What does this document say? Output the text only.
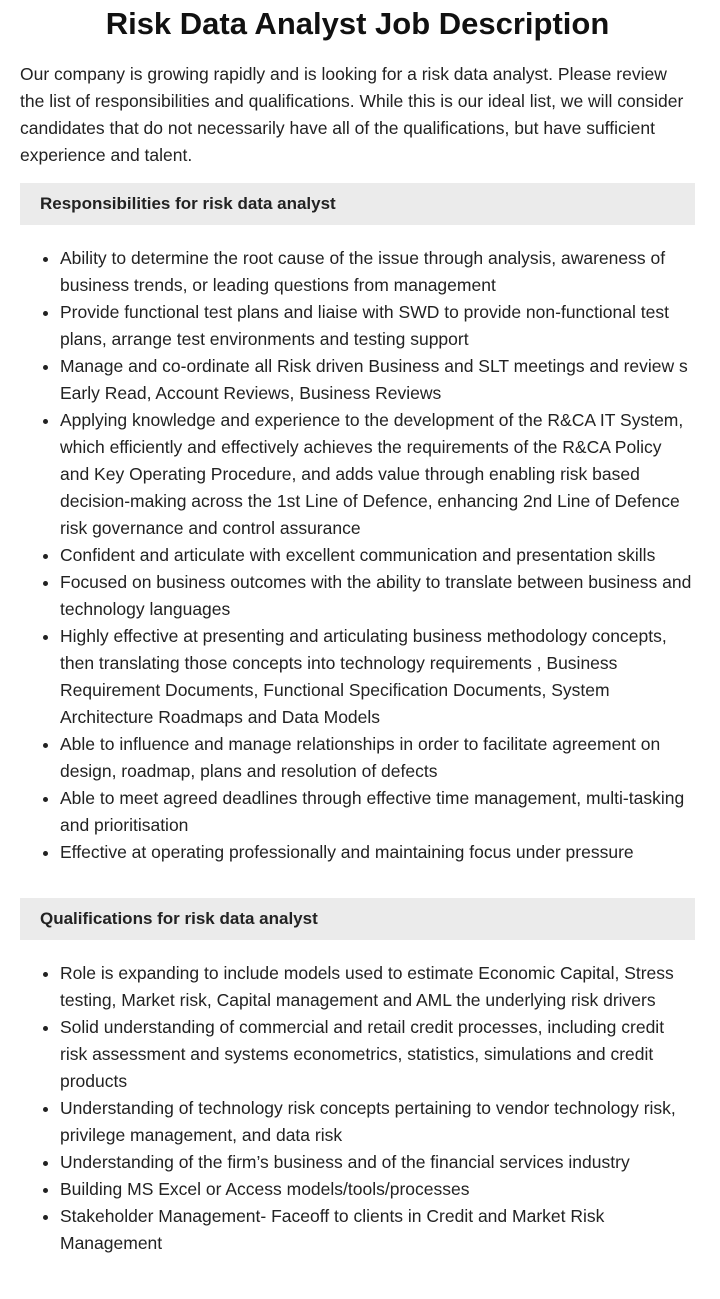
Risk Data Analyst Job Description

Our company is growing rapidly and is looking for a risk data analyst. Please review the list of responsibilities and qualifications. While this is our ideal list, we will consider candidates that do not necessarily have all of the qualifications, but have sufficient experience and talent.

Responsibilities for risk data analyst
• Ability to determine the root cause of the issue through analysis, awareness of business trends, or leading questions from management
• Provide functional test plans and liaise with SWD to provide non-functional test plans, arrange test environments and testing support
• Manage and co-ordinate all Risk driven Business and SLT meetings and review s Early Read, Account Reviews, Business Reviews
• Applying knowledge and experience to the development of the R&CA IT System, which efficiently and effectively achieves the requirements of the R&CA Policy and Key Operating Procedure, and adds value through enabling risk based decision-making across the 1st Line of Defence, enhancing 2nd Line of Defence risk governance and control assurance
• Confident and articulate with excellent communication and presentation skills
• Focused on business outcomes with the ability to translate between business and technology languages
• Highly effective at presenting and articulating business methodology concepts, then translating those concepts into technology requirements , Business Requirement Documents, Functional Specification Documents, System Architecture Roadmaps and Data Models
• Able to influence and manage relationships in order to facilitate agreement on design, roadmap, plans and resolution of defects
• Able to meet agreed deadlines through effective time management, multi-tasking and prioritisation
• Effective at operating professionally and maintaining focus under pressure
Qualifications for risk data analyst
• Role is expanding to include models used to estimate Economic Capital, Stress testing, Market risk, Capital management and AML the underlying risk drivers
• Solid understanding of commercial and retail credit processes, including credit risk assessment and systems econometrics, statistics, simulations and credit products
• Understanding of technology risk concepts pertaining to vendor technology risk, privilege management, and data risk
• Understanding of the firm’s business and of the financial services industry
• Building MS Excel or Access models/tools/processes
• Stakeholder Management- Faceoff to clients in Credit and Market Risk Management
